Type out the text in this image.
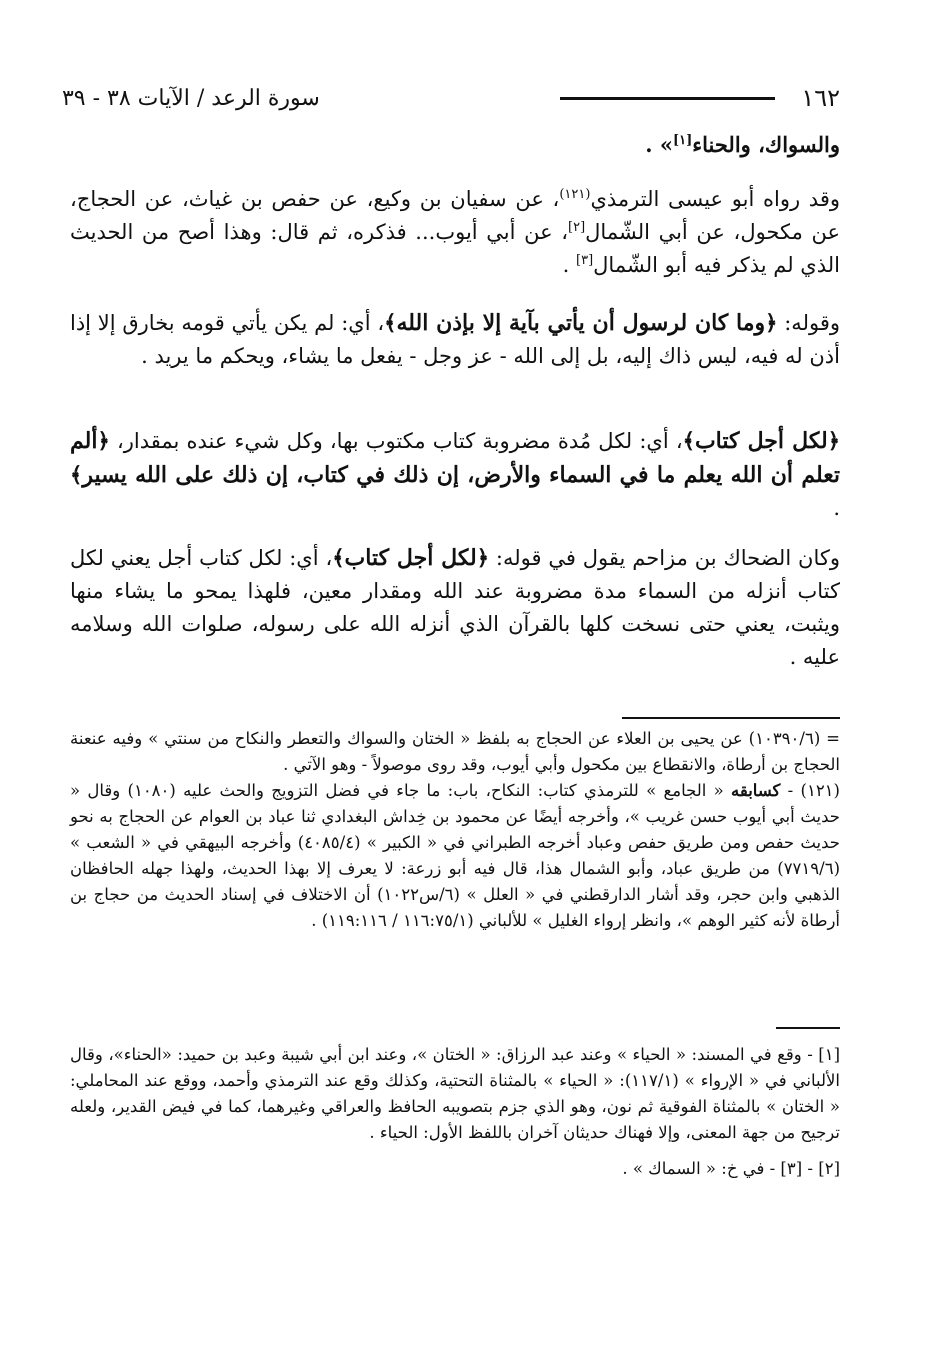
١٦٢
سورة الرعد / الآيات ٣٨ - ٣٩
والسواك، والحناء[١]» .
وقد رواه أبو عيسى الترمذي$^{(١٢١)}$، عن سفيان بن وكيع، عن حفص بن غياث، عن الحجاج، عن مكحول، عن أبي الشّمال[٢]، عن أبي أيوب... فذكره، ثم قال: وهذا أصح من الحديث الذي لم يذكر فيه أبو الشّمال[٣] .
وقوله: ﴿وما كان لرسول أن يأتي بآية إلا بإذن الله﴾، أي: لم يكن يأتي قومه بخارق إلا إذا أذن له فيه، ليس ذاك إليه، بل إلى الله - عز وجل - يفعل ما يشاء، ويحكم ما يريد .
﴿لكل أجل كتاب﴾، أي: لكل مُدة مضروبة كتاب مكتوب بها، وكل شيء عنده بمقدار، ﴿ألم تعلم أن الله يعلم ما في السماء والأرض، إن ذلك في كتاب، إن ذلك على الله يسير﴾ .
وكان الضحاك بن مزاحم يقول في قوله: ﴿لكل أجل كتاب﴾، أي: لكل كتاب أجل يعني لكل كتاب أنزله من السماء مدة مضروبة عند الله ومقدار معين، فلهذا يمحو ما يشاء منها ويثبت، يعني حتى نسخت كلها بالقرآن الذي أنزله الله على رسوله، صلوات الله وسلامه عليه .

= (١٠٣٩٠/٦) عن يحيى بن العلاء عن الحجاج به بلفظ « الختان والسواك والتعطر والنكاح من سنتي » وفيه عنعنة الحجاج بن أرطاة، والانقطاع بين مكحول وأبي أيوب، وقد روى موصولاً - وهو الآتي .

(١٢١) - كسابقه « الجامع » للترمذي كتاب: النكاح، باب: ما جاء في فضل التزويج والحث عليه (١٠٨٠) وقال « حديث أبي أيوب حسن غريب »، وأخرجه أيضًا عن محمود بن خِداش البغدادي ثنا عباد بن العوام عن الحجاج به نحو حديث حفص ومن طريق حفص وعباد أخرجه الطبراني في « الكبير » (٤٠٨٥/٤) وأخرجه البيهقي في « الشعب » (٧٧١٩/٦) من طريق عباد، وأبو الشمال هذا، قال فيه أبو زرعة: لا يعرف إلا بهذا الحديث، ولهذا جهله الحافظان الذهبي وابن حجر، وقد أشار الدارقطني في « العلل » (٦/س١٠٢٢) أن الاختلاف في إسناد الحديث من حجاج بن أرطاة لأنه كثير الوهم »، وانظر إرواء الغليل » للألباني (١١٦:٧٥/١ / ١١٩:١١٦) .

[١] - وقع في المسند: « الحياء » وعند عبد الرزاق: « الختان »، وعند ابن أبي شيبة وعبد بن حميد: «الحناء»، وقال الألباني في « الإرواء » (١١٧/١): « الحياء » بالمثناة التحتية، وكذلك وقع عند الترمذي وأحمد، ووقع عند المحاملي: « الختان » بالمثناة الفوقية ثم نون، وهو الذي جزم بتصويبه الحافظ والعراقي وغيرهما، كما في فيض القدير، ولعله ترجيح من جهة المعنى، وإلا فهناك حديثان آخران باللفظ الأول: الحياء .

[٢] - [٣] - في خ: « السماك » .
